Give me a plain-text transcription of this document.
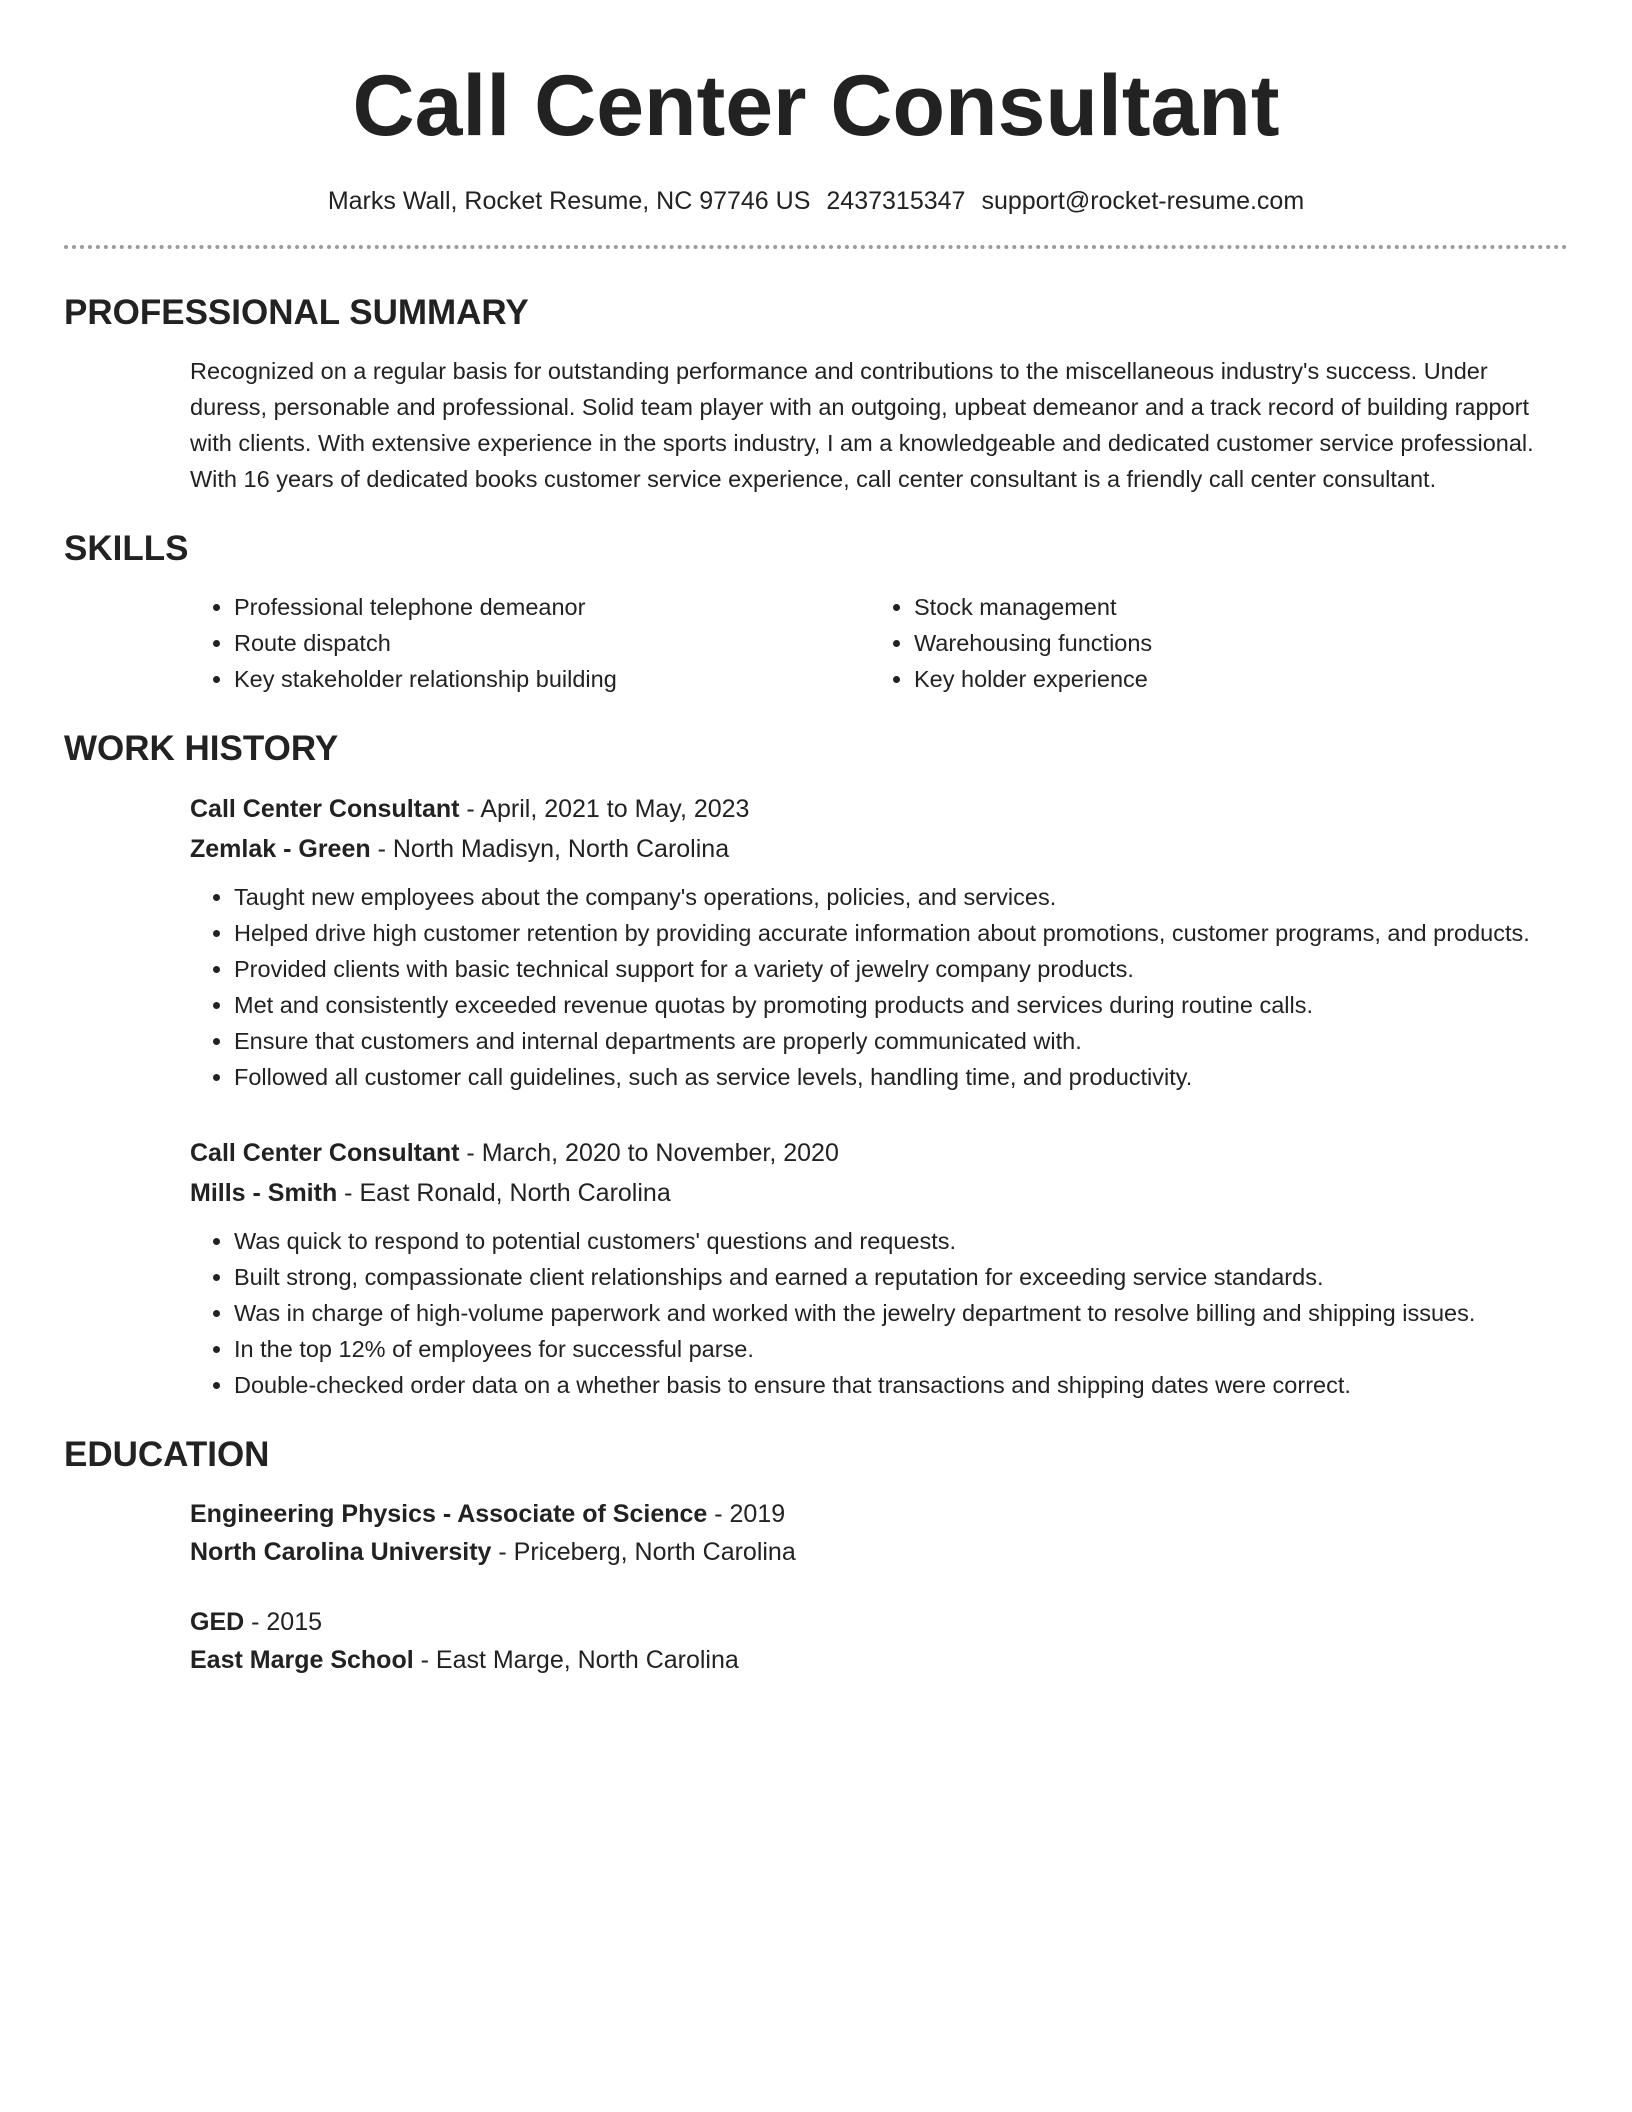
Call Center Consultant
Marks Wall, Rocket Resume, NC 97746 US 2437315347 support@rocket-resume.com
PROFESSIONAL SUMMARY
Recognized on a regular basis for outstanding performance and contributions to the miscellaneous industry's success. Under duress, personable and professional. Solid team player with an outgoing, upbeat demeanor and a track record of building rapport with clients. With extensive experience in the sports industry, I am a knowledgeable and dedicated customer service professional. With 16 years of dedicated books customer service experience, call center consultant is a friendly call center consultant.
SKILLS
• Professional telephone demeanor
• Route dispatch
• Key stakeholder relationship building
• Stock management
• Warehousing functions
• Key holder experience
WORK HISTORY
Call Center Consultant - April, 2021 to May, 2023
Zemlak - Green - North Madisyn, North Carolina
• Taught new employees about the company's operations, policies, and services.
• Helped drive high customer retention by providing accurate information about promotions, customer programs, and products.
• Provided clients with basic technical support for a variety of jewelry company products.
• Met and consistently exceeded revenue quotas by promoting products and services during routine calls.
• Ensure that customers and internal departments are properly communicated with.
• Followed all customer call guidelines, such as service levels, handling time, and productivity.
Call Center Consultant - March, 2020 to November, 2020
Mills - Smith - East Ronald, North Carolina
• Was quick to respond to potential customers' questions and requests.
• Built strong, compassionate client relationships and earned a reputation for exceeding service standards.
• Was in charge of high-volume paperwork and worked with the jewelry department to resolve billing and shipping issues.
• In the top 12% of employees for successful parse.
• Double-checked order data on a whether basis to ensure that transactions and shipping dates were correct.
EDUCATION
Engineering Physics - Associate of Science - 2019
North Carolina University - Priceberg, North Carolina
GED - 2015
East Marge School - East Marge, North Carolina
